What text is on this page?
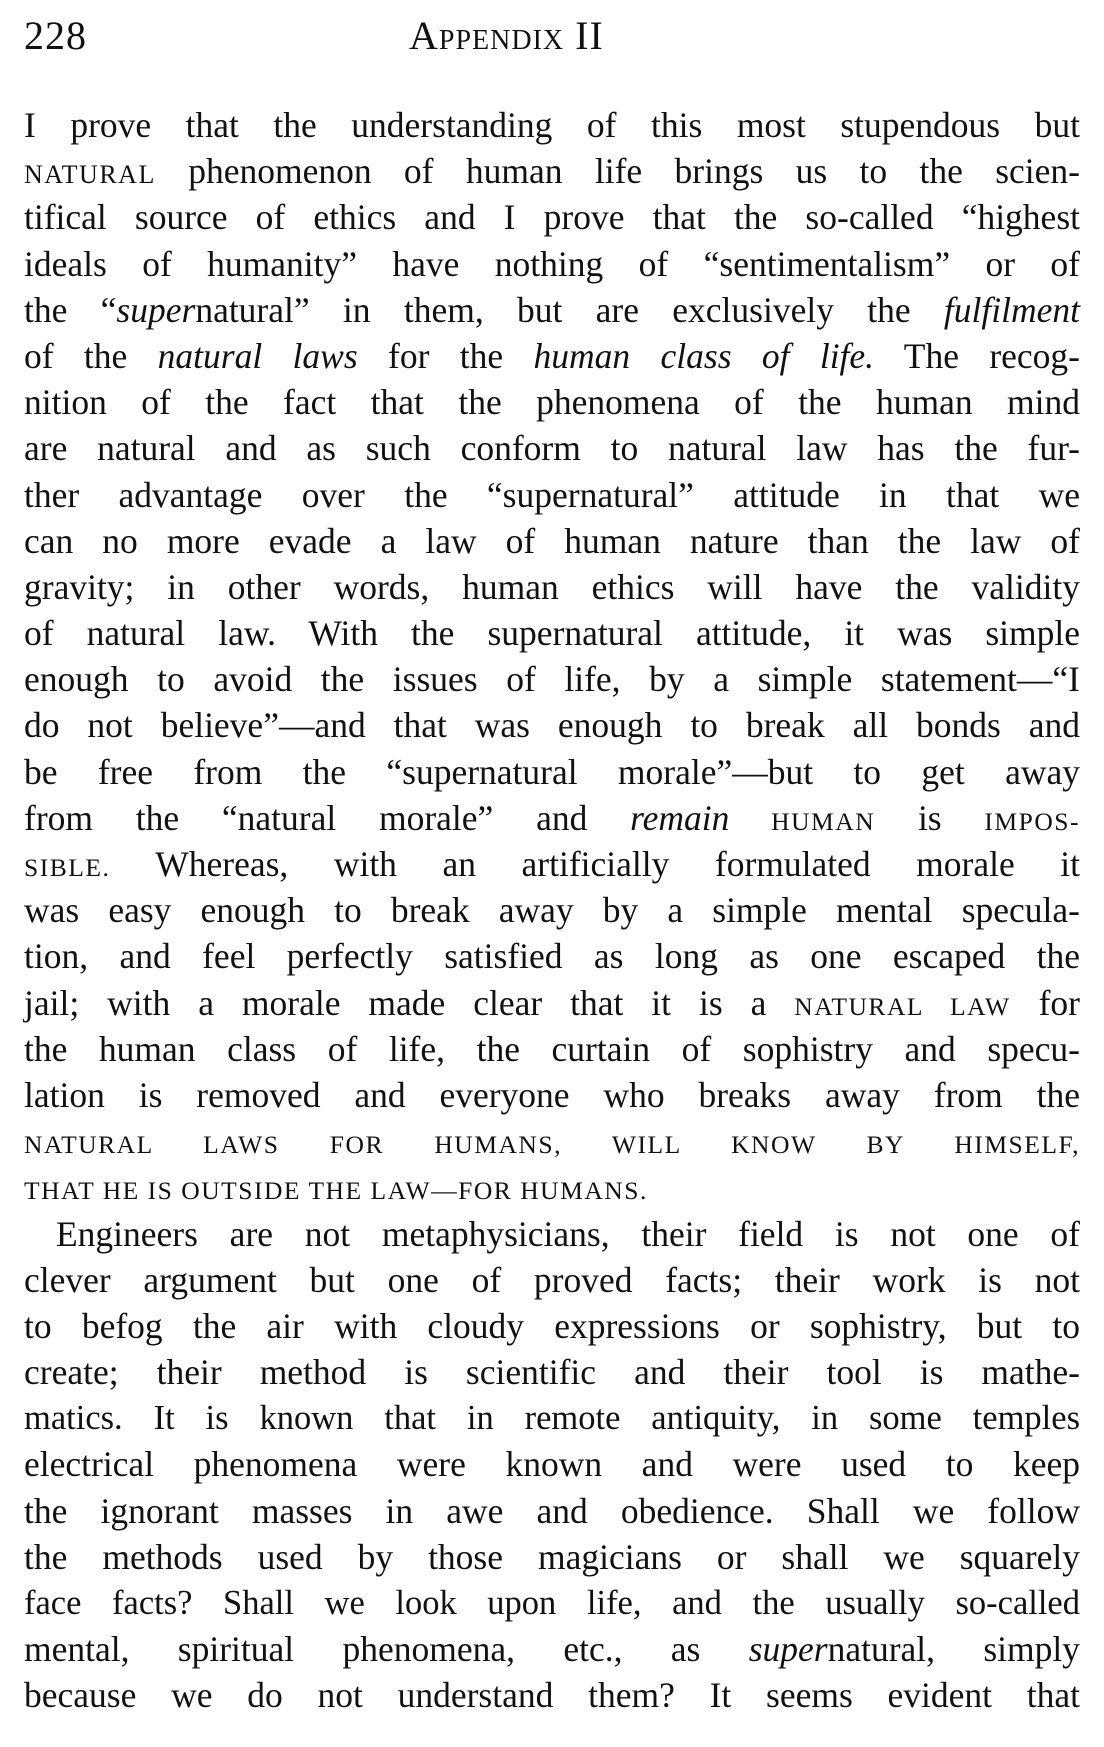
228	Appendix II
I prove that the understanding of this most stupendous but
natural phenomenon of human life brings us to the scien-
tifical source of ethics and I prove that the so-called “highest
ideals of humanity” have nothing of “sentimentalism” or of
the “supernatural” in them, but are exclusively the fulfilment
of the natural laws for the human class of life. The recog-
nition of the fact that the phenomena of the human mind
are natural and as such conform to natural law has the fur-
ther advantage over the “supernatural” attitude in that we
can no more evade a law of human nature than the law of
gravity; in other words, human ethics will have the validity
of natural law. With the supernatural attitude, it was simple
enough to avoid the issues of life, by a simple statement—“I
do not believe”—and that was enough to break all bonds and
be free from the “supernatural morale”—but to get away
from the “natural morale” and remain HUMAN is IMPOS-
SIBLE. Whereas, with an artificially formulated morale it
was easy enough to break away by a simple mental specula-
tion, and feel perfectly satisfied as long as one escaped the
jail; with a morale made clear that it is a NATURAL LAW for
the human class of life, the curtain of sophistry and specu-
lation is removed and everyone who breaks away from the
NATURAL LAWS FOR HUMANS, WILL KNOW BY HIMSELF,
THAT HE IS OUTSIDE THE LAW—FOR HUMANS.
Engineers are not metaphysicians, their field is not one of
clever argument but one of proved facts; their work is not
to befog the air with cloudy expressions or sophistry, but to
create; their method is scientific and their tool is mathe-
matics. It is known that in remote antiquity, in some temples
electrical phenomena were known and were used to keep
the ignorant masses in awe and obedience. Shall we follow
the methods used by those magicians or shall we squarely
face facts? Shall we look upon life, and the usually so-called
mental, spiritual phenomena, etc., as supernatural, simply
because we do not understand them? It seems evident that
